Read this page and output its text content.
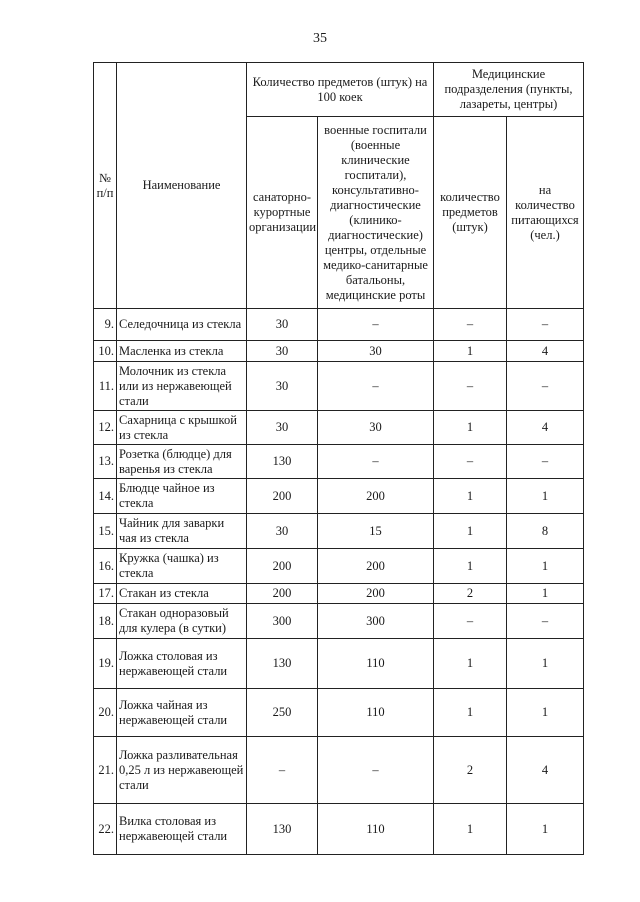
35
№ п/п	Наименование	Количество предметов (штук) на 100 коек		Медицинские подразделения (пункты, лазареты, центры)	
		санаторно-курортные организации	военные госпитали (военные клинические госпитали), консультативно-диагностические (клинико-диагностические) центры, отдельные медико-санитарные батальоны, медицинские роты	количество предметов (штук)	на количество питающихся (чел.)
9.	Селедочница из стекла	30	–	–	–
10.	Масленка из стекла	30	30	1	4
11.	Молочник из стекла или из нержавеющей стали	30	–	–	–
12.	Сахарница с крышкой из стекла	30	30	1	4
13.	Розетка (блюдце) для варенья из стекла	130	–	–	–
14.	Блюдце чайное из стекла	200	200	1	1
15.	Чайник для заварки чая из стекла	30	15	1	8
16.	Кружка (чашка) из стекла	200	200	1	1
17.	Стакан из стекла	200	200	2	1
18.	Стакан одноразовый для кулера (в сутки)	300	300	–	–
19.	Ложка столовая из нержавеющей стали	130	110	1	1
20.	Ложка чайная из нержавеющей стали	250	110	1	1
21.	Ложка разливательная 0,25 л из нержавеющей стали	–	–	2	4
22.	Вилка столовая из нержавеющей стали	130	110	1	1
